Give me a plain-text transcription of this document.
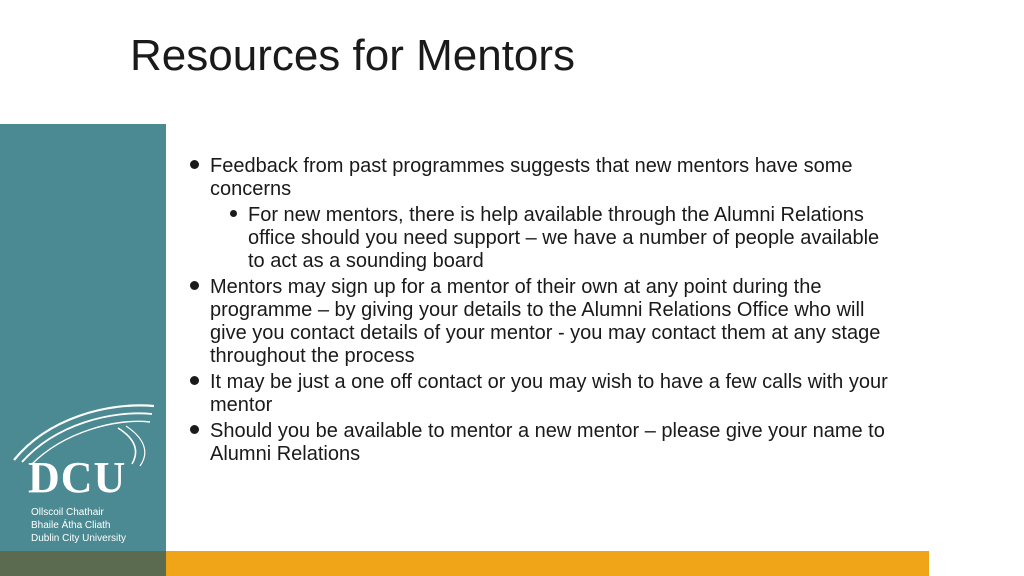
Resources for Mentors
DCU
Ollscoil Chathair
Bhaile Átha Cliath
Dublin City University
Feedback from past programmes suggests that new mentors have some
concerns
For new mentors, there is help available through the Alumni Relations
office should you need support – we have a number of people available
to act as a sounding board
Mentors may sign up for a mentor of their own at any point during the
programme – by giving your details to the Alumni Relations Office who will
give you contact details of your mentor - you may contact them at any stage
throughout the process
It may be just a one off contact or you may wish to have a few calls with your
mentor
Should you be available to mentor a new mentor – please give your name to
Alumni Relations
